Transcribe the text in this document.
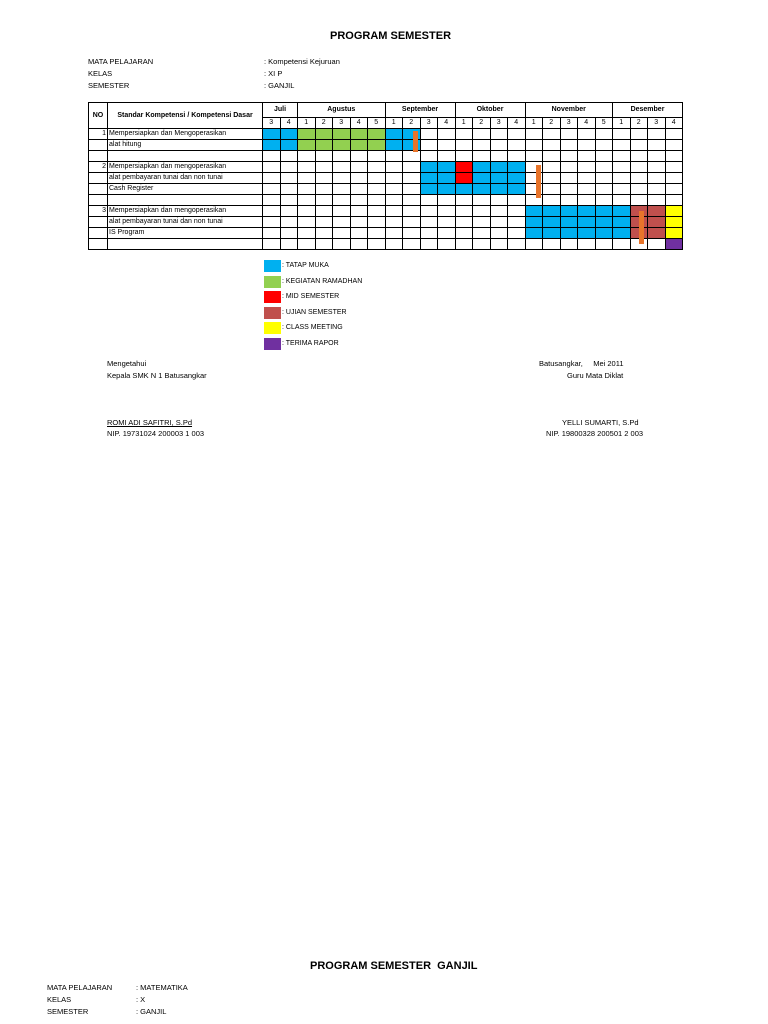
PROGRAM SEMESTER
MATA PELAJARAN	: Kompetensi Kejuruan
KELAS	: XI P
SEMESTER	: GANJIL
NO	Standar Kompetensi / Kompetensi Dasar	Juli		Agustus					September				Oktober				November					Desember			
		3	4	1	2	3	4	5	1	2	3	4	1	2	3	4	1	2	3	4	5	1	2	3	4
1	Mempersiapkan dan Mengoperasikan																								
	alat hitung																								

2	Mempersiapkan dan mengoperasikan																								
	alat pembayaran tunai dan non tunai																								
	Cash Register																								

3	Mempersiapkan dan mengoperasikan																								
	alat pembayaran tunai dan non tunai																								
	IS Program																								

: TATAP MUKA
: KEGIATAN RAMADHAN
: MID SEMESTER
: UJIAN SEMESTER
: CLASS MEETING
: TERIMA RAPOR
Mengetahui
Kepala SMK N 1 Batusangkar
ROMI ADI SAFITRI, S.Pd
NIP. 19731024 200003 1 003
Batusangkar,     Mei 2011
Guru Mata Diklat
YELLI SUMARTI, S.Pd
NIP. 19800328 200501 2 003
PROGRAM SEMESTER  GANJIL
MATA PELAJARAN	: MATEMATIKA
KELAS	: X
SEMESTER	: GANJIL
